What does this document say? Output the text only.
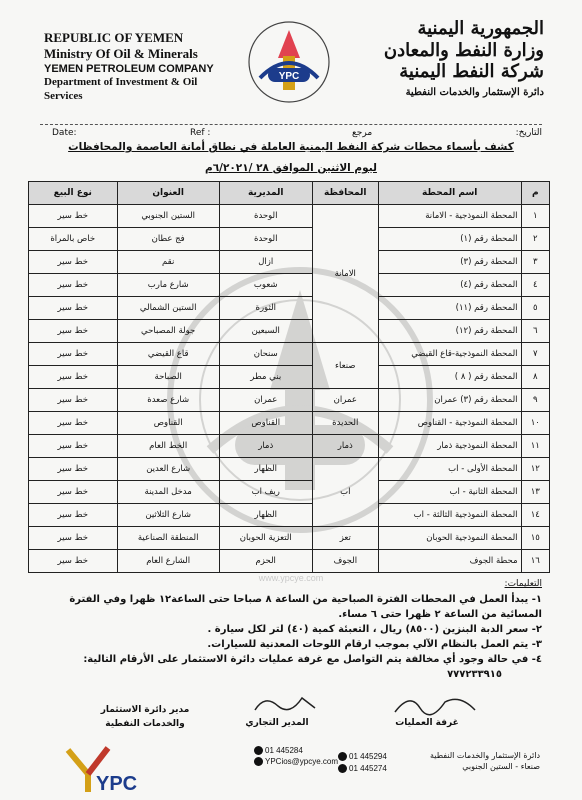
REPUBLIC OF YEMEN
Ministry Of Oil & Minerals
YEMEN PETROLEUM COMPANY
Department of Investment & Oil Services
YPC
الجمهورية اليمنية
وزارة النفط والمعادن
شركة النفط اليمنية
دائرة الإستثمار والخدمات النفطية
Date:	Ref :	مرجع	التاريخ:
كشف بأسماء محطات شركة النفط اليمنية العاملة في نطاق أمانة العاصمة والمحافظات
ليوم الاثنين الموافق ٢٨ /٦/٢٠٢١م
م	اسم المحطة	المحافظة	المديرية	العنوان	نوع البيع
١	المحطة النموذجية - الامانة	الامانة	الوحدة	الستين الجنوبي	خط سير
٢	المحطة رقم (١)		الوحدة	فج عطان	خاص بالمراة
٣	المحطة رقم (٣)		ازال	نقم	خط سير
٤	المحطة رقم (٤)		شعوب	شارع مارب	خط سير
٥	المحطة رقم (١١)		الثورة	الستين الشمالي	خط سير
٦	المحطة رقم (١٢)		السبعين	جولة المصباحي	خط سير
٧	المحطة النموذجية-قاع القيضي	صنعاء	سنحان	قاع القيضي	خط سير
٨	المحطة رقم ( ٨ )		بني مطر	الصباحة	خط سير
٩	المحطة رقم (٣) عمران	عمران	عمران	شارع صعدة	خط سير
١٠	المحطة النموذجية - القناوص	الحديدة	القناوص	القناوص	خط سير
١١	المحطة النموذجية ذمار	ذمار	ذمار	الخط العام	خط سير
١٢	المحطة الأولى - اب	اب	الظهار	شارع العدين	خط سير
١٣	المحطة الثانية - اب		ريف اب	مدخل المدينة	خط سير
١٤	المحطة النموذجية الثالثة - اب		الظهار	شارع الثلاثين	خط سير
١٥	المحطة النموذجية الحوبان	تعز	التعزية الحوبان	المنطقة الصناعية	خط سير
١٦	محطة الجوف	الجوف	الحزم	الشارع العام	خط سير
www.ypcye.com
التعليمات:
١- يبدأ العمل في المحطات الفترة الصباحية من الساعة ٨ صباحا حتى الساعة١٢ ظهرا وفي الفترة المسائية من الساعة ٢ ظهرا حتى ٦ مساء.
٢- سعر الدبة البنزين (٨٥٠٠) ريال ، التعبئة كمية (٤٠) لتر لكل سيارة .
٣- يتم العمل بالنظام الآلي بموجب ارقام اللوحات المعدنية للسيارات.
٤- في حالة وجود أي مخالفة يتم التواصل مع غرفة عمليات دائرة الاستثمار على الأرقام التالية:
٧٧٧٢٣٣٩١٥
غرفة العمليات
المدير التجاري
مدير دائرة الاستثمار
والخدمات النفطية
YPC
01 445284
YPCios@ypcye.com
01 445294
01 445274
دائرة الإستثمار والخدمات النفطية
صنعاء - الستين الجنوبي
